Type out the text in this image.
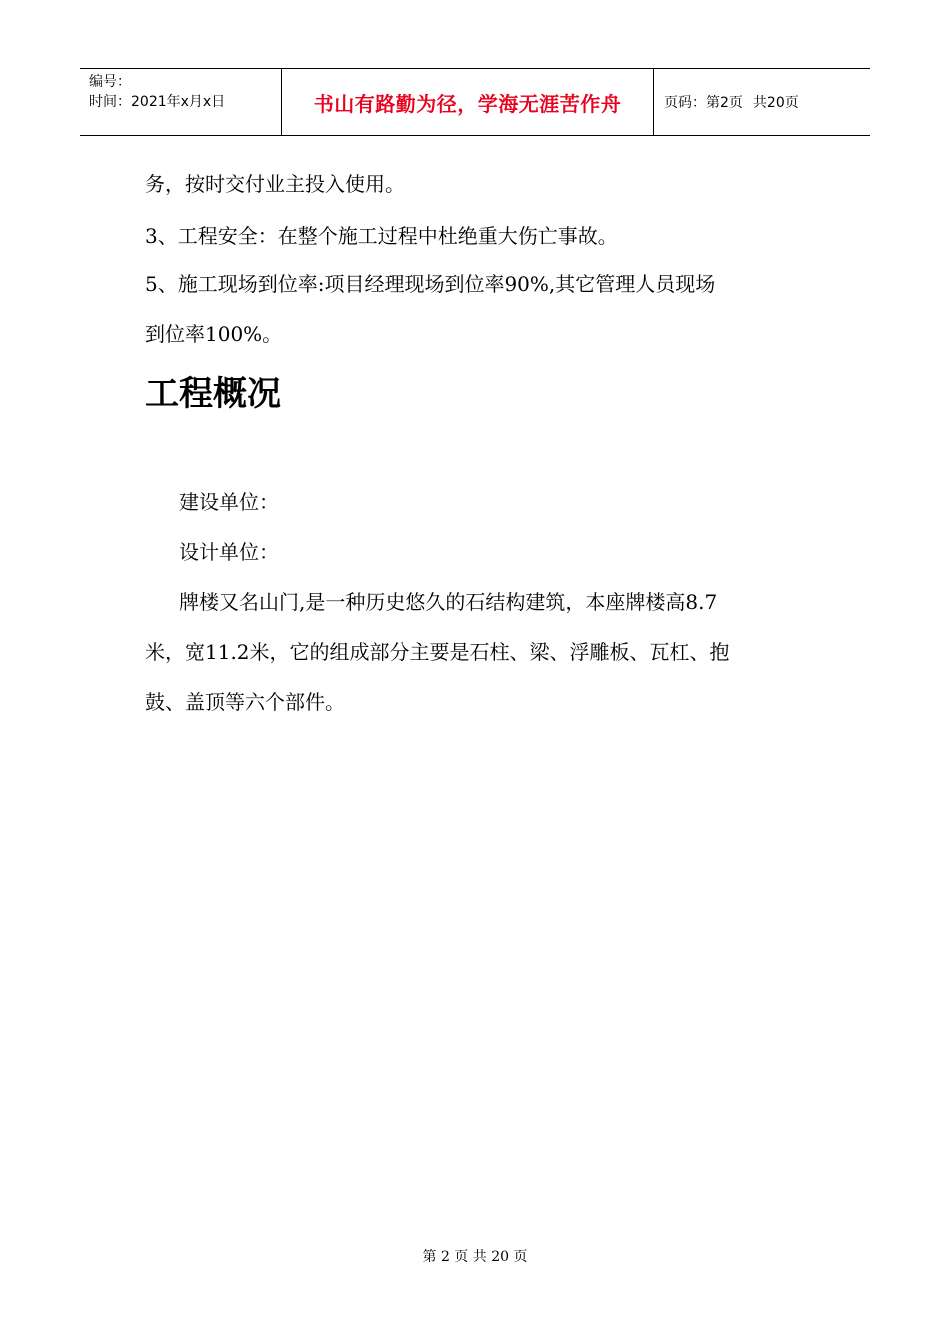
编号：
时间：2021年x月x日	书山有路勤为径，学海无涯苦作舟	页码：第2页 共20页
务，按时交付业主投入使用。
3、工程安全：在整个施工过程中杜绝重大伤亡事故。
5、施工现场到位率:项目经理现场到位率90%,其它管理人员现场
到位率100%。
工程概况
建设单位：
设计单位：
牌楼又名山门,是一种历史悠久的石结构建筑，本座牌楼高8.7
米，宽11.2米，它的组成部分主要是石柱、梁、浮雕板、瓦杠、抱
鼓、盖顶等六个部件。
第 2 页 共 20 页
